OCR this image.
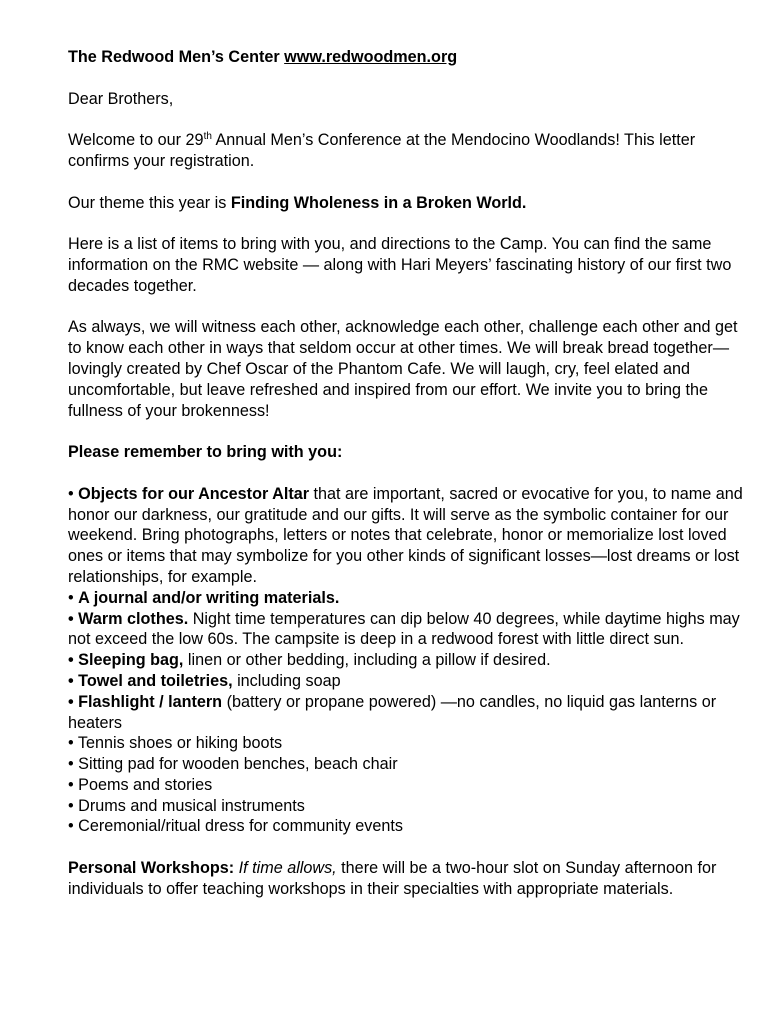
The Redwood Men’s Center www.redwoodmen.org

Dear Brothers,

Welcome to our 29th Annual Men’s Conference at the Mendocino Woodlands! This letter confirms your registration.

Our theme this year is Finding Wholeness in a Broken World.

Here is a list of items to bring with you, and directions to the Camp. You can find the same information on the RMC website — along with Hari Meyers’ fascinating history of our first two decades together.

As always, we will witness each other, acknowledge each other, challenge each other and get to know each other in ways that seldom occur at other times. We will break bread together—lovingly created by Chef Oscar of the Phantom Cafe. We will laugh, cry, feel elated and uncomfortable, but leave refreshed and inspired from our effort. We invite you to bring the fullness of your brokenness!

Please remember to bring with you:

• Objects for our Ancestor Altar that are important, sacred or evocative for you, to name and honor our darkness, our gratitude and our gifts. It will serve as the symbolic container for our weekend. Bring photographs, letters or notes that celebrate, honor or memorialize lost loved ones or items that may symbolize for you other kinds of significant losses—lost dreams or lost relationships, for example.
• A journal and/or writing materials.
• Warm clothes. Night time temperatures can dip below 40 degrees, while daytime highs may not exceed the low 60s. The campsite is deep in a redwood forest with little direct sun.
• Sleeping bag, linen or other bedding, including a pillow if desired.
• Towel and toiletries, including soap
• Flashlight / lantern (battery or propane powered) —no candles, no liquid gas lanterns or heaters
• Tennis shoes or hiking boots
• Sitting pad for wooden benches, beach chair
• Poems and stories
• Drums and musical instruments
• Ceremonial/ritual dress for community events

Personal Workshops: If time allows, there will be a two-hour slot on Sunday afternoon for individuals to offer teaching workshops in their specialties with appropriate materials.
